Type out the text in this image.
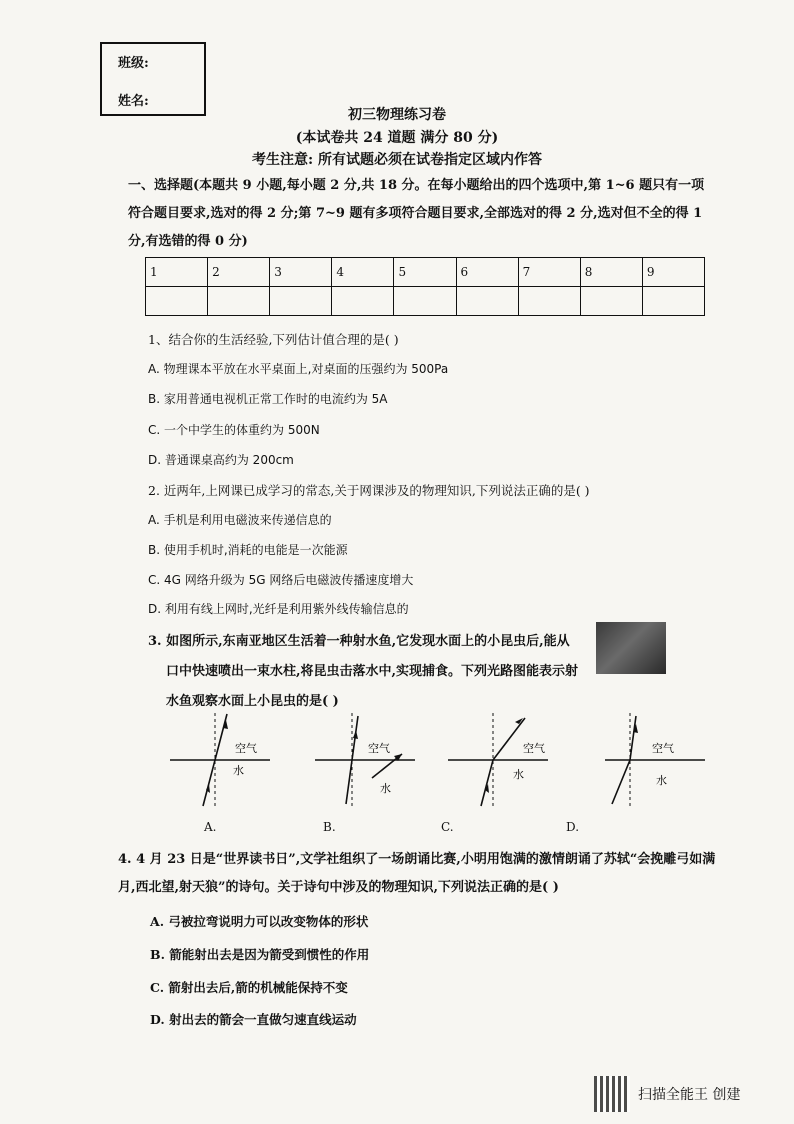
班级:
姓名:
初三物理练习卷
(本试卷共 24 道题 满分 80 分)
考生注意: 所有试题必须在试卷指定区域内作答
一、选择题(本题共 9 小题,每小题 2 分,共 18 分。在每小题给出的四个选项中,第 1~6 题只有一项符合题目要求,选对的得 2 分;第 7~9 题有多项符合题目要求,全部选对的得 2 分,选对但不全的得 1 分,有选错的得 0 分)
1	2	3	4	5	6	7	8	9

1、结合你的生活经验,下列估计值合理的是( )
A. 物理课本平放在水平桌面上,对桌面的压强约为 500Pa
B. 家用普通电视机正常工作时的电流约为 5A
C. 一个中学生的体重约为 500N
D. 普通课桌高约为 200cm
2. 近两年,上网课已成学习的常态,关于网课涉及的物理知识,下列说法正确的是( )
A. 手机是利用电磁波来传递信息的
B. 使用手机时,消耗的电能是一次能源
C. 4G 网络升级为 5G 网络后电磁波传播速度增大
D. 利用有线上网时,光纤是利用紫外线传输信息的
3. 如图所示,东南亚地区生活着一种射水鱼,它发现水面上的小昆虫后,能从
口中快速喷出一束水柱,将昆虫击落水中,实现捕食。下列光路图能表示射
水鱼观察水面上小昆虫的是( )
空气
水
A.
空气
水
B.
空气
水
C.
空气
水
D.
4. 4 月 23 日是“世界读书日”,文学社组织了一场朗诵比赛,小明用饱满的激情朗诵了苏轼“会挽雕弓如满月,西北望,射天狼”的诗句。关于诗句中涉及的物理知识,下列说法正确的是( )
A. 弓被拉弯说明力可以改变物体的形状
B. 箭能射出去是因为箭受到惯性的作用
C. 箭射出去后,箭的机械能保持不变
D. 射出去的箭会一直做匀速直线运动
扫描全能王 创建
